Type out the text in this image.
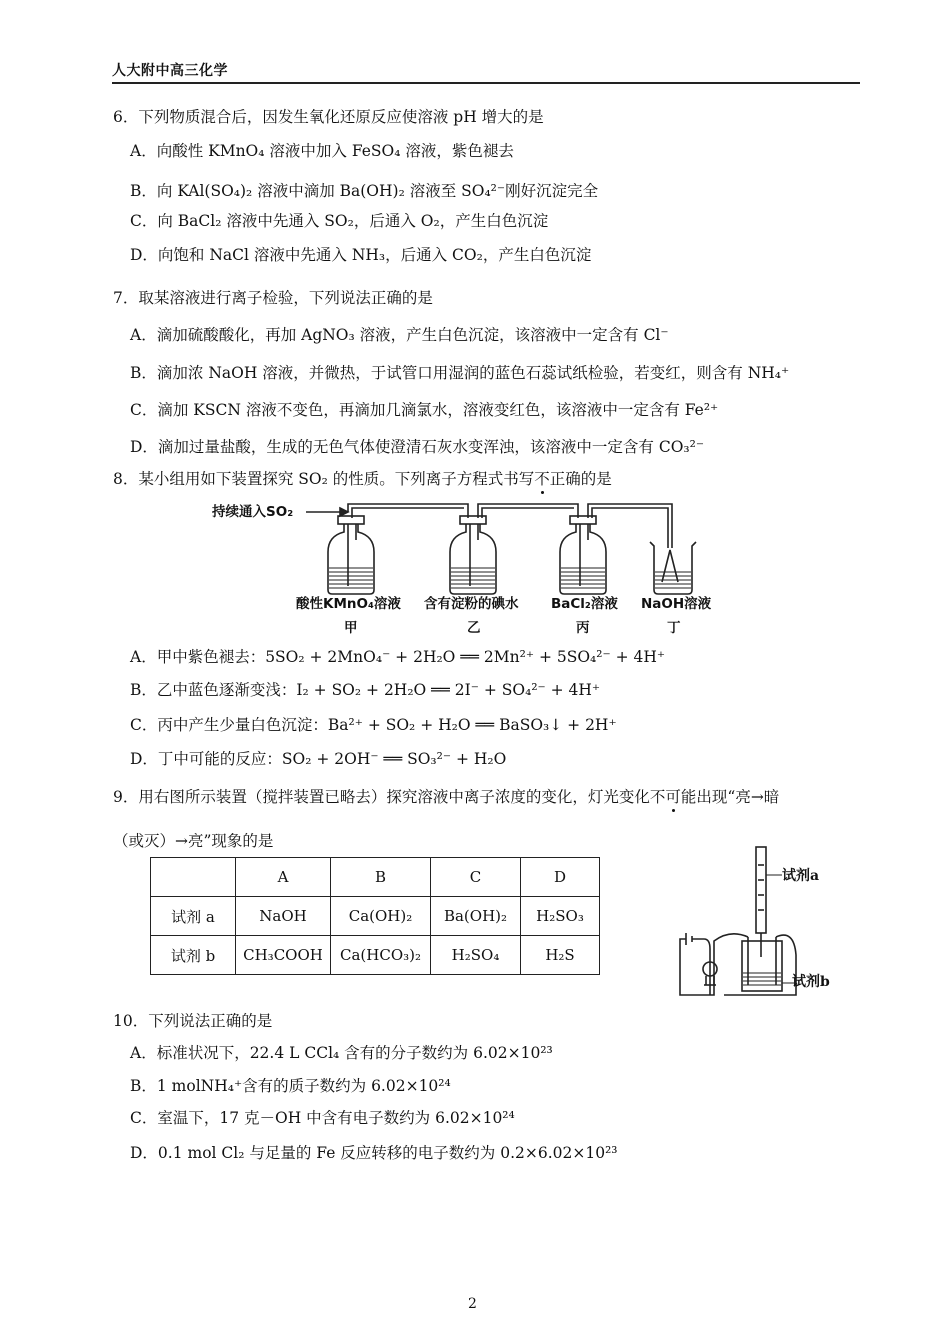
人大附中高三化学
6．下列物质混合后，因发生氧化还原反应使溶液 pH 增大的是
A．向酸性 KMnO₄ 溶液中加入 FeSO₄ 溶液，紫色褪去
B．向 KAl(SO₄)₂ 溶液中滴加 Ba(OH)₂ 溶液至 SO₄²⁻刚好沉淀完全
C．向 BaCl₂ 溶液中先通入 SO₂，后通入 O₂，产生白色沉淀
D．向饱和 NaCl 溶液中先通入 NH₃，后通入 CO₂，产生白色沉淀
7．取某溶液进行离子检验，下列说法正确的是
A．滴加硫酸酸化，再加 AgNO₃ 溶液，产生白色沉淀，该溶液中一定含有 Cl⁻
B．滴加浓 NaOH 溶液，并微热，于试管口用湿润的蓝色石蕊试纸检验，若变红，则含有 NH₄⁺
C．滴加 KSCN 溶液不变色，再滴加几滴氯水，溶液变红色，该溶液中一定含有 Fe²⁺
D．滴加过量盐酸，生成的无色气体使澄清石灰水变浑浊，该溶液中一定含有 CO₃²⁻
8．某小组用如下装置探究 SO₂ 的性质。下列离子方程式书写不正确的是
持续通入SO₂
酸性KMnO₄溶液
甲
含有淀粉的碘水
乙
BaCl₂溶液
丙
NaOH溶液
丁
A．甲中紫色褪去：5SO₂ + 2MnO₄⁻ + 2H₂O ══ 2Mn²⁺ + 5SO₄²⁻ + 4H⁺
B．乙中蓝色逐渐变浅：I₂ + SO₂ + 2H₂O ══ 2I⁻ + SO₄²⁻ + 4H⁺
C．丙中产生少量白色沉淀：Ba²⁺ + SO₂ + H₂O ══ BaSO₃↓ + 2H⁺
D．丁中可能的反应：SO₂ + 2OH⁻ ══ SO₃²⁻ + H₂O
9．用右图所示装置（搅拌装置已略去）探究溶液中离子浓度的变化，灯光变化不可能出现“亮→暗
（或灭）→亮”现象的是
	A	B	C	D
试剂 a	NaOH	Ca(OH)₂	Ba(OH)₂	H₂SO₃
试剂 b	CH₃COOH	Ca(HCO₃)₂	H₂SO₄	H₂S
试剂a
试剂b
10．下列说法正确的是
A．标准状况下，22.4 L CCl₄ 含有的分子数约为 6.02×10²³
B．1 molNH₄⁺含有的质子数约为 6.02×10²⁴
C．室温下，17 克－OH 中含有电子数约为 6.02×10²⁴
D．0.1 mol Cl₂ 与足量的 Fe 反应转移的电子数约为 0.2×6.02×10²³
2
